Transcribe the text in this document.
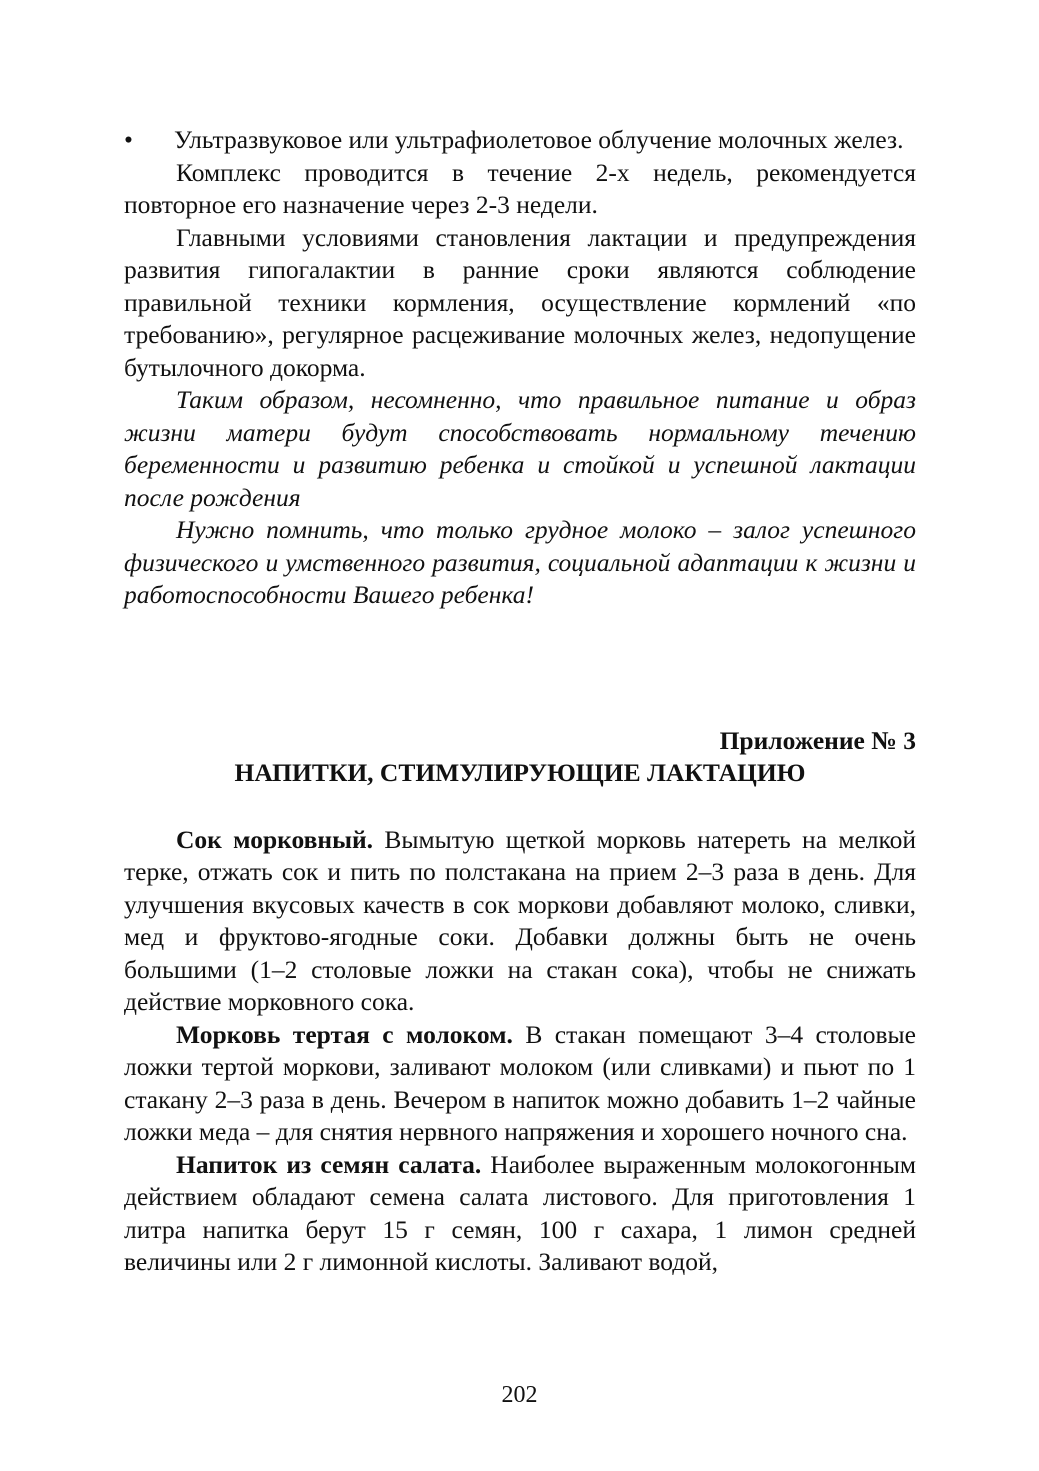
• Ультразвуковое или ультрафиолетовое облучение молочных желез.

Комплекс проводится в течение 2-х недель, рекомендуется повторное его назначение через 2-3 недели.

Главными условиями становления лактации и предупреждения развития гипогалактии в ранние сроки являются соблюдение правильной техники кормления, осуществление кормлений «по требованию», регулярное расцеживание молочных желез, недопущение бутылочного докорма.

Таким образом, несомненно, что правильное питание и образ жизни матери будут способствовать нормальному течению беременности и развитию ребенка и стойкой и успешной лактации после рождения

Нужно помнить, что только грудное молоко – залог успешного физического и умственного развития, социальной адаптации к жизни и работоспособности Вашего ребенка!

Приложение № 3

НАПИТКИ, СТИМУЛИРУЮЩИЕ ЛАКТАЦИЮ

Сок морковный. Вымытую щеткой морковь натереть на мелкой терке, отжать сок и пить по полстакана на прием 2–3 раза в день. Для улучшения вкусовых качеств в сок моркови добавляют молоко, сливки, мед и фруктово-ягодные соки. Добавки должны быть не очень большими (1–2 столовые ложки на стакан сока), чтобы не снижать действие морковного сока.

Морковь тертая с молоком. В стакан помещают 3–4 столовые ложки тертой моркови, заливают молоком (или сливками) и пьют по 1 стакану 2–3 раза в день. Вечером в напиток можно добавить 1–2 чайные ложки меда – для снятия нервного напряжения и хорошего ночного сна.

Напиток из семян салата. Наиболее выраженным молокогонным действием обладают семена салата листового. Для приготовления 1 литра напитка берут 15 г семян, 100 г сахара, 1 лимон средней величины или 2 г лимонной кислоты. Заливают водой,

202
